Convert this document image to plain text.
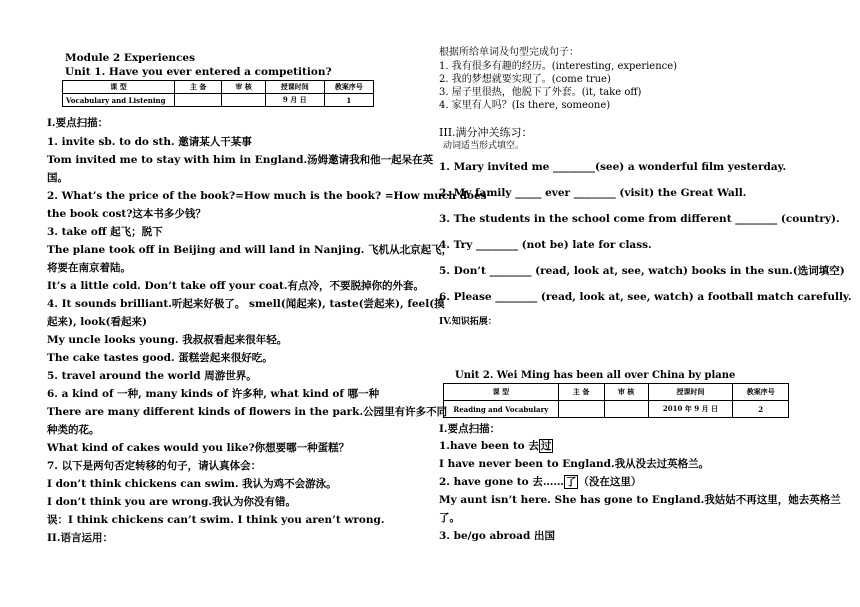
Module 2 Experiences
Unit 1. Have you ever entered a competition?
课 型	主 备	审 核	授课时间	教案序号
Vocabulary and Listening			9 月 日	1
I.要点扫描：
1. invite sb. to do sth. 邀请某人干某事
Tom invited me to stay with him in England.汤姆邀请我和他一起呆在英
国。
2. What’s the price of the book?=How much is the book? =How much does
the book cost?这本书多少钱？
3. take off 起飞；脱下
The plane took off in Beijing and will land in Nanjing. 飞机从北京起飞，
将要在南京着陆。
It’s a little cold. Don’t take off your coat.有点冷，不要脱掉你的外套。
4. It sounds brilliant.听起来好极了。 smell(闻起来), taste(尝起来), feel(摸
起来), look(看起来)
My uncle looks young. 我叔叔看起来很年轻。
The cake tastes good. 蛋糕尝起来很好吃。
5. travel around the world 周游世界。
6. a kind of 一种, many kinds of 许多种, what kind of 哪一种
There are many different kinds of flowers in the park.公园里有许多不同
种类的花。
What kind of cakes would you like?你想要哪一种蛋糕？
7. 以下是两句否定转移的句子，请认真体会：
I don’t think chickens can swim. 我认为鸡不会游泳。
I don’t think you are wrong.我认为你没有错。
误：I think chickens can’t swim. I think you aren’t wrong.
II.语言运用：
根据所给单词及句型完成句子：
1. 我有很多有趣的经历。(interesting, experience)
2. 我的梦想就要实现了。(come true)
3. 屋子里很热，他脱下了外套。(it, take off)
4. 家里有人吗？(Is there, someone)
III.满分冲关练习：
动词适当形式填空。
1. Mary invited me ________(see) a wonderful film yesterday.
2. My family _____ ever ________ (visit) the Great Wall.
3. The students in the school come from different ________ (country).
4. Try ________ (not be) late for class.
5. Don’t ________ (read, look at, see, watch) books in the sun.(选词填空)
6. Please ________ (read, look at, see, watch) a football match carefully.
IV.知识拓展：
Unit 2. Wei Ming has been all over China by plane
课 型	主 备	审 核	授课时间	教案序号
Reading and Vocabulary			2010 年 9 月 日	2
I.要点扫描：
1.have been to 去 过
I have never been to England.我从没去过英格兰。
2. have gone to 去…… 了 （没在这里）
My aunt isn’t here. She has gone to England.我姑姑不再这里，她去英格兰
了。
3. be/go abroad 出国
